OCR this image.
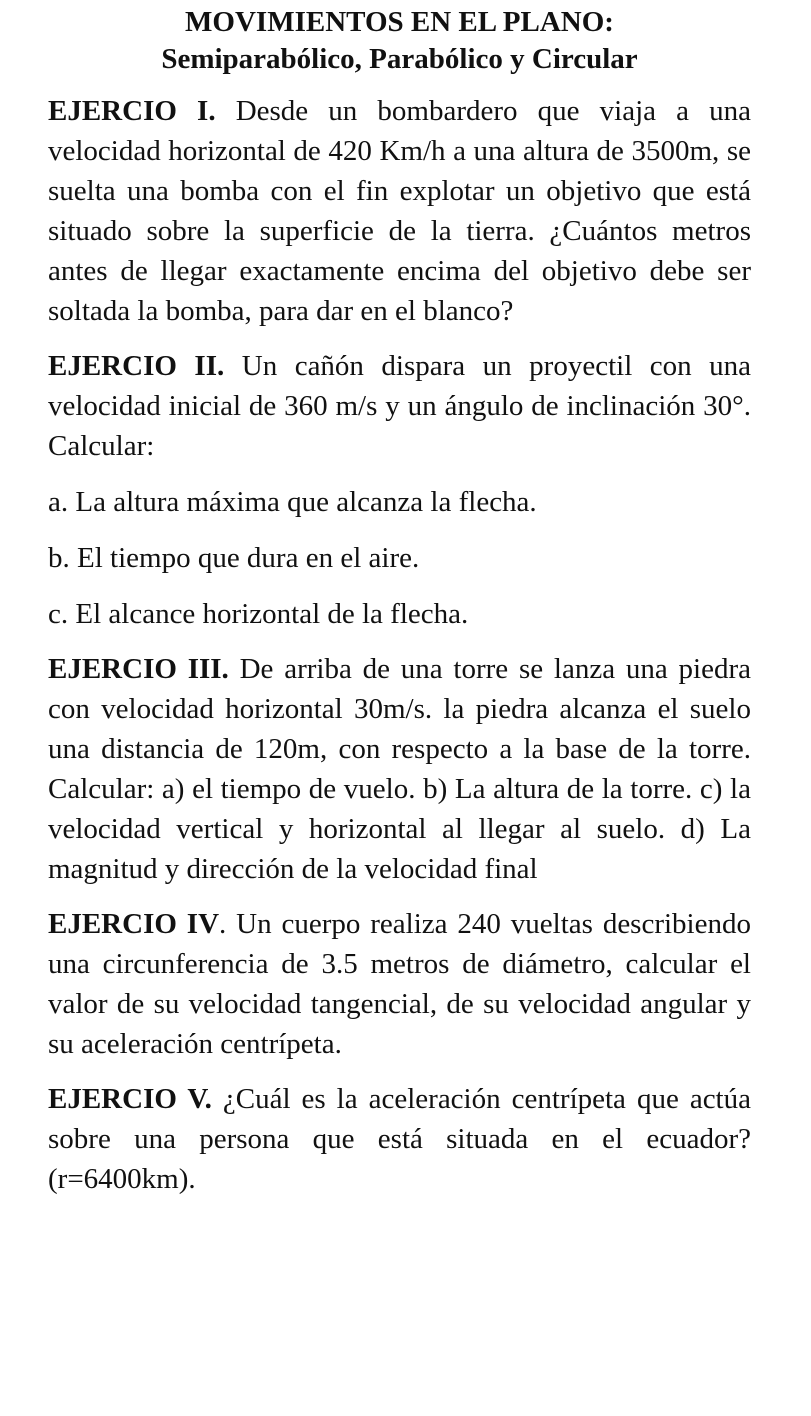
MOVIMIENTOS EN EL PLANO:

Semiparabólico, Parabólico y Circular

EJERCIO I. Desde un bombardero que viaja a una velocidad horizontal de 420 Km/h a una altura de 3500m, se suelta una bomba con el fin explotar un objetivo que está situado sobre la superficie de la tierra. ¿Cuántos metros antes de llegar exactamente encima del objetivo debe ser soltada la bomba, para dar en el blanco?

EJERCIO II. Un cañón dispara un proyectil con una velocidad inicial de 360 m/s y un ángulo de inclinación 30°. Calcular:

a. La altura máxima que alcanza la flecha.

b. El tiempo que dura en el aire.

c. El alcance horizontal de la flecha.

EJERCIO III. De arriba de una torre se lanza una piedra con velocidad horizontal 30m/s. la piedra alcanza el suelo una distancia de 120m, con respecto a la base de la torre. Calcular: a) el tiempo de vuelo. b) La altura de la torre. c) la velocidad vertical y horizontal al llegar al suelo. d) La magnitud y dirección de la velocidad final

EJERCIO IV. Un cuerpo realiza 240 vueltas describiendo una circunferencia de 3.5 metros de diámetro, calcular el valor de su velocidad tangencial, de su velocidad angular y su aceleración centrípeta.

EJERCIO V. ¿Cuál es la aceleración centrípeta que actúa sobre una persona que está situada en el ecuador? (r=6400km).
